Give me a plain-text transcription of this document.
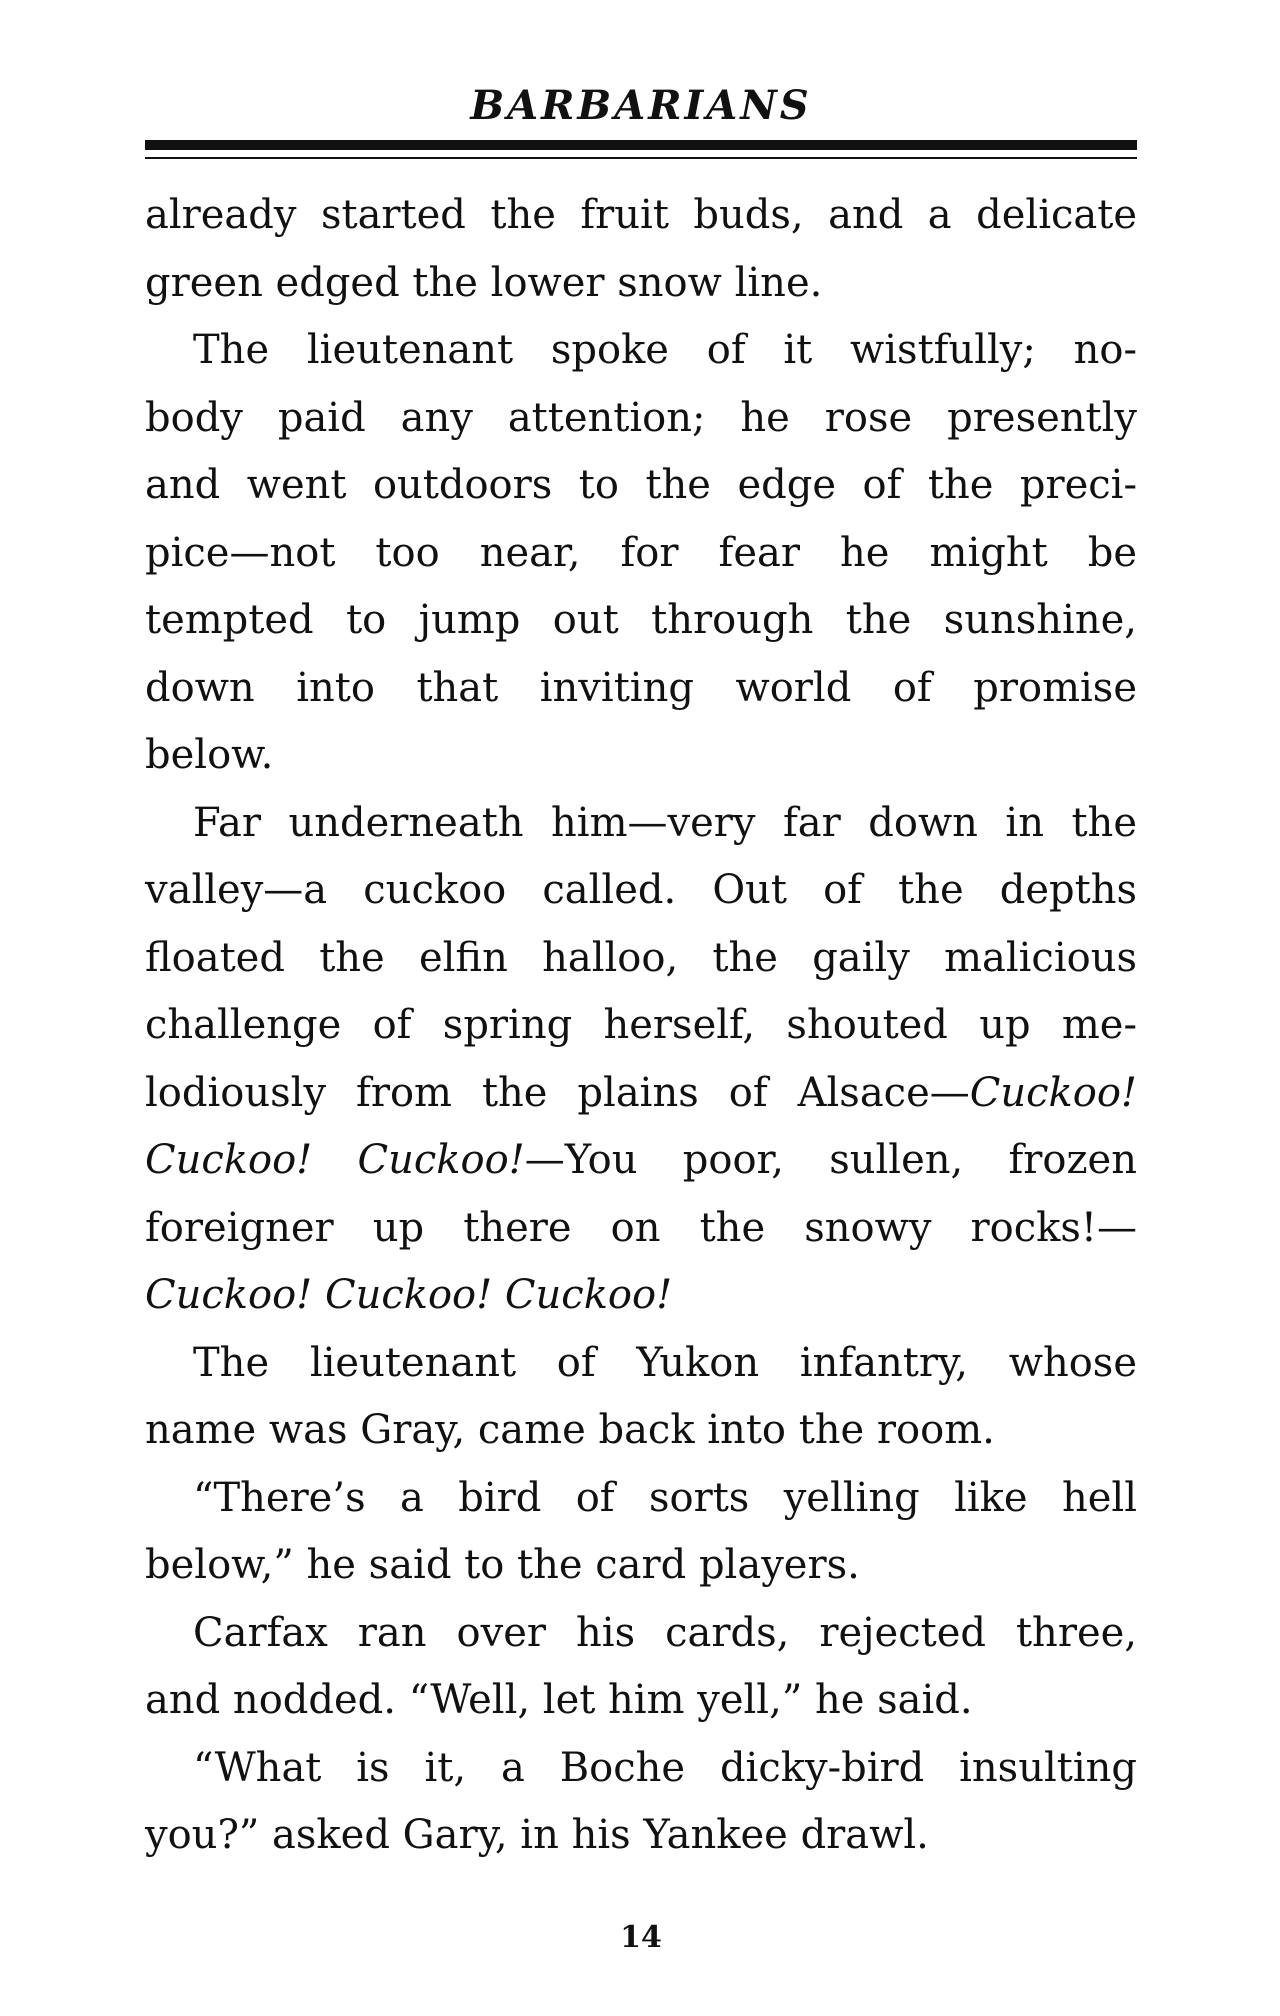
BARBARIANS
already started the fruit buds, and a delicate
green edged the lower snow line.
The lieutenant spoke of it wistfully; no-
body paid any attention; he rose presently
and went outdoors to the edge of the preci-
pice—not too near, for fear he might be
tempted to jump out through the sunshine,
down into that inviting world of promise
below.
Far underneath him—very far down in the
valley—a cuckoo called. Out of the depths
floated the elfin halloo, the gaily malicious
challenge of spring herself, shouted up me-
lodiously from the plains of Alsace—Cuckoo!
Cuckoo! Cuckoo!—You poor, sullen, frozen
foreigner up there on the snowy rocks!—
Cuckoo! Cuckoo! Cuckoo!
The lieutenant of Yukon infantry, whose
name was Gray, came back into the room.
“There’s a bird of sorts yelling like hell
below,” he said to the card players.
Carfax ran over his cards, rejected three,
and nodded. “Well, let him yell,” he said.
“What is it, a Boche dicky-bird insulting
you?” asked Gary, in his Yankee drawl.
14
